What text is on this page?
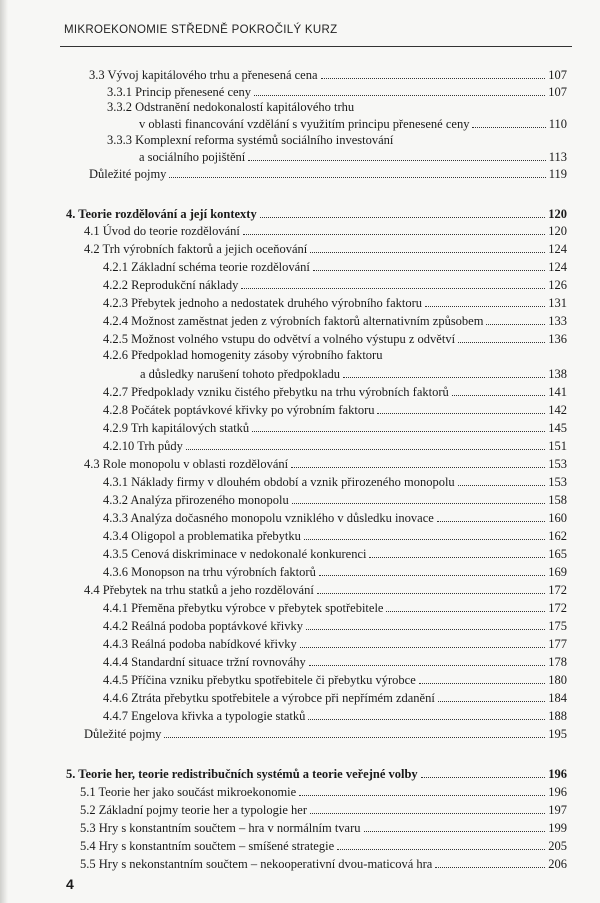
MIKROEKONOMIE STŘEDNĚ POKROČILÝ KURZ
3.3 Vývoj kapitálového trhu a přenesená cena	107
3.3.1 Princip přenesené ceny	107
3.3.2 Odstranění nedokonalostí kapitálového trhu
v oblasti financování vzdělání s využitím principu přenesené ceny	110
3.3.3 Komplexní reforma systémů sociálního investování
a sociálního pojištění	113
Důležité pojmy	119
4. Teorie rozdělování a její kontexty	120
4.1 Úvod do teorie rozdělování	120
4.2 Trh výrobních faktorů a jejich oceňování	124
4.2.1 Základní schéma teorie rozdělování	124
4.2.2 Reprodukční náklady	126
4.2.3 Přebytek jednoho a nedostatek druhého výrobního faktoru	131
4.2.4 Možnost zaměstnat jeden z výrobních faktorů alternativním způsobem	133
4.2.5 Možnost volného vstupu do odvětví a volného výstupu z odvětví	136
4.2.6 Předpoklad homogenity zásoby výrobního faktoru
a důsledky narušení tohoto předpokladu	138
4.2.7 Předpoklady vzniku čistého přebytku na trhu výrobních faktorů	141
4.2.8 Počátek poptávkové křivky po výrobním faktoru	142
4.2.9 Trh kapitálových statků	145
4.2.10 Trh půdy	151
4.3 Role monopolu v oblasti rozdělování	153
4.3.1 Náklady firmy v dlouhém období a vznik přirozeného monopolu	153
4.3.2 Analýza přirozeného monopolu	158
4.3.3 Analýza dočasného monopolu vzniklého v důsledku inovace	160
4.3.4 Oligopol a problematika přebytku	162
4.3.5 Cenová diskriminace v nedokonalé konkurenci	165
4.3.6 Monopson na trhu výrobních faktorů	169
4.4 Přebytek na trhu statků a jeho rozdělování	172
4.4.1 Přeměna přebytku výrobce v přebytek spotřebitele	172
4.4.2 Reálná podoba poptávkové křivky	175
4.4.3 Reálná podoba nabídkové křivky	177
4.4.4 Standardní situace tržní rovnováhy	178
4.4.5 Příčina vzniku přebytku spotřebitele či přebytku výrobce	180
4.4.6 Ztráta přebytku spotřebitele a výrobce při nepřímém zdanění	184
4.4.7 Engelova křivka a typologie statků	188
Důležité pojmy	195
5. Teorie her, teorie redistribučních systémů a teorie veřejné volby	196
5.1 Teorie her jako součást mikroekonomie	196
5.2 Základní pojmy teorie her a typologie her	197
5.3 Hry s konstantním součtem – hra v normálním tvaru	199
5.4 Hry s konstantním součtem – smíšené strategie	205
5.5 Hry s nekonstantním součtem – nekooperativní dvou-maticová hra	206
4
